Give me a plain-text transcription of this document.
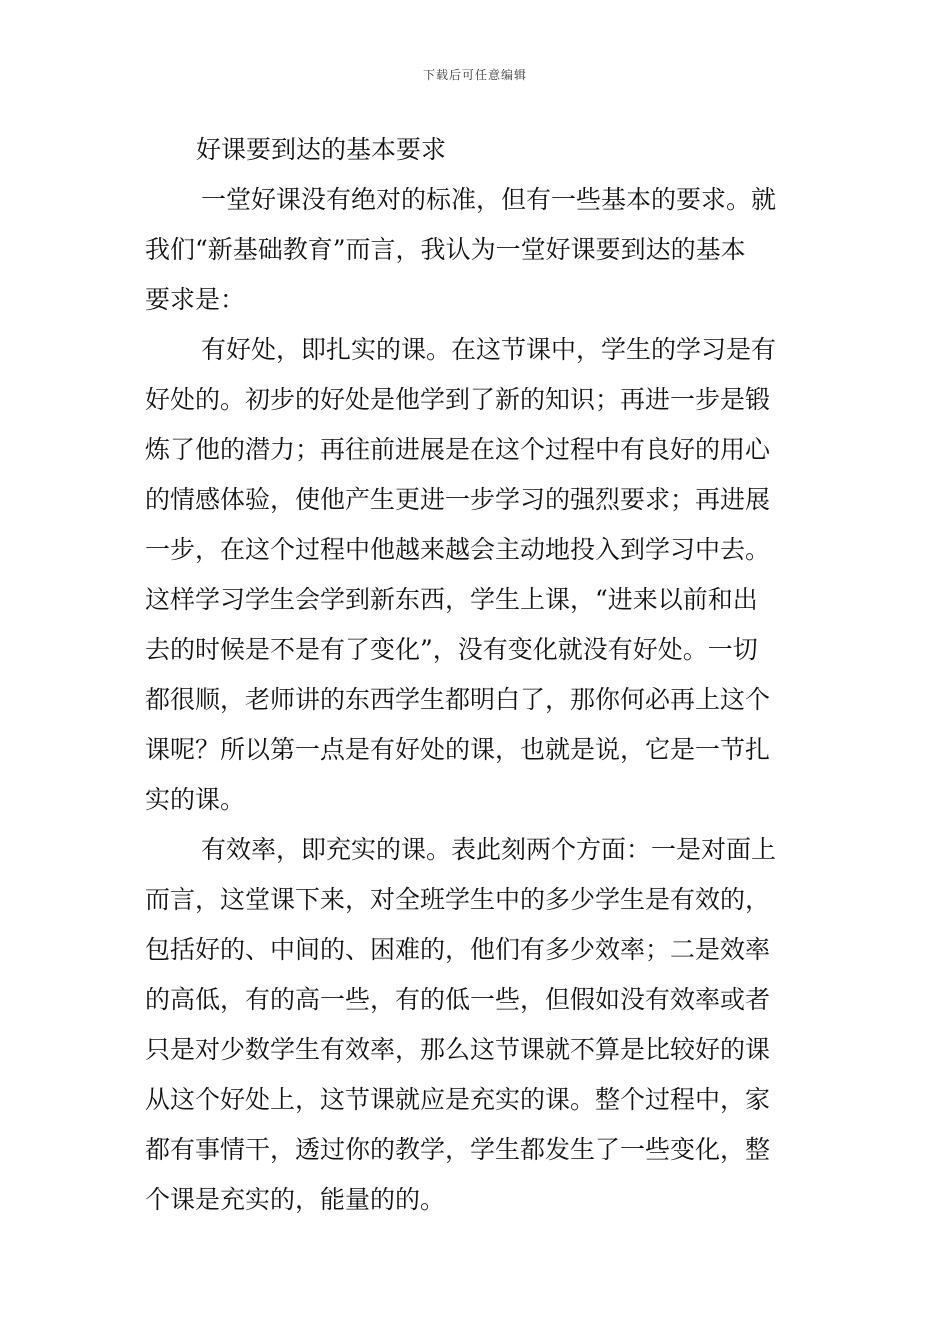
下载后可任意编辑
好课要到达的基本要求
一堂好课没有绝对的标准，但有一些基本的要求。就
我们“新基础教育”而言，我认为一堂好课要到达的基本
要求是：
有好处，即扎实的课。在这节课中，学生的学习是有
好处的。初步的好处是他学到了新的知识；再进一步是锻
炼了他的潜力；再往前进展是在这个过程中有良好的用心
的情感体验，使他产生更进一步学习的强烈要求；再进展
一步，在这个过程中他越来越会主动地投入到学习中去。
这样学习学生会学到新东西，学生上课，“进来以前和出
去的时候是不是有了变化”，没有变化就没有好处。一切
都很顺，老师讲的东西学生都明白了，那你何必再上这个
课呢？所以第一点是有好处的课，也就是说，它是一节扎
实的课。
有效率，即充实的课。表此刻两个方面：一是对面上
而言，这堂课下来，对全班学生中的多少学生是有效的，
包括好的、中间的、困难的，他们有多少效率；二是效率
的高低，有的高一些，有的低一些，但假如没有效率或者
只是对少数学生有效率，那么这节课就不算是比较好的课
从这个好处上，这节课就应是充实的课。整个过程中，家
都有事情干，透过你的教学，学生都发生了一些变化，整
个课是充实的，能量的的。
